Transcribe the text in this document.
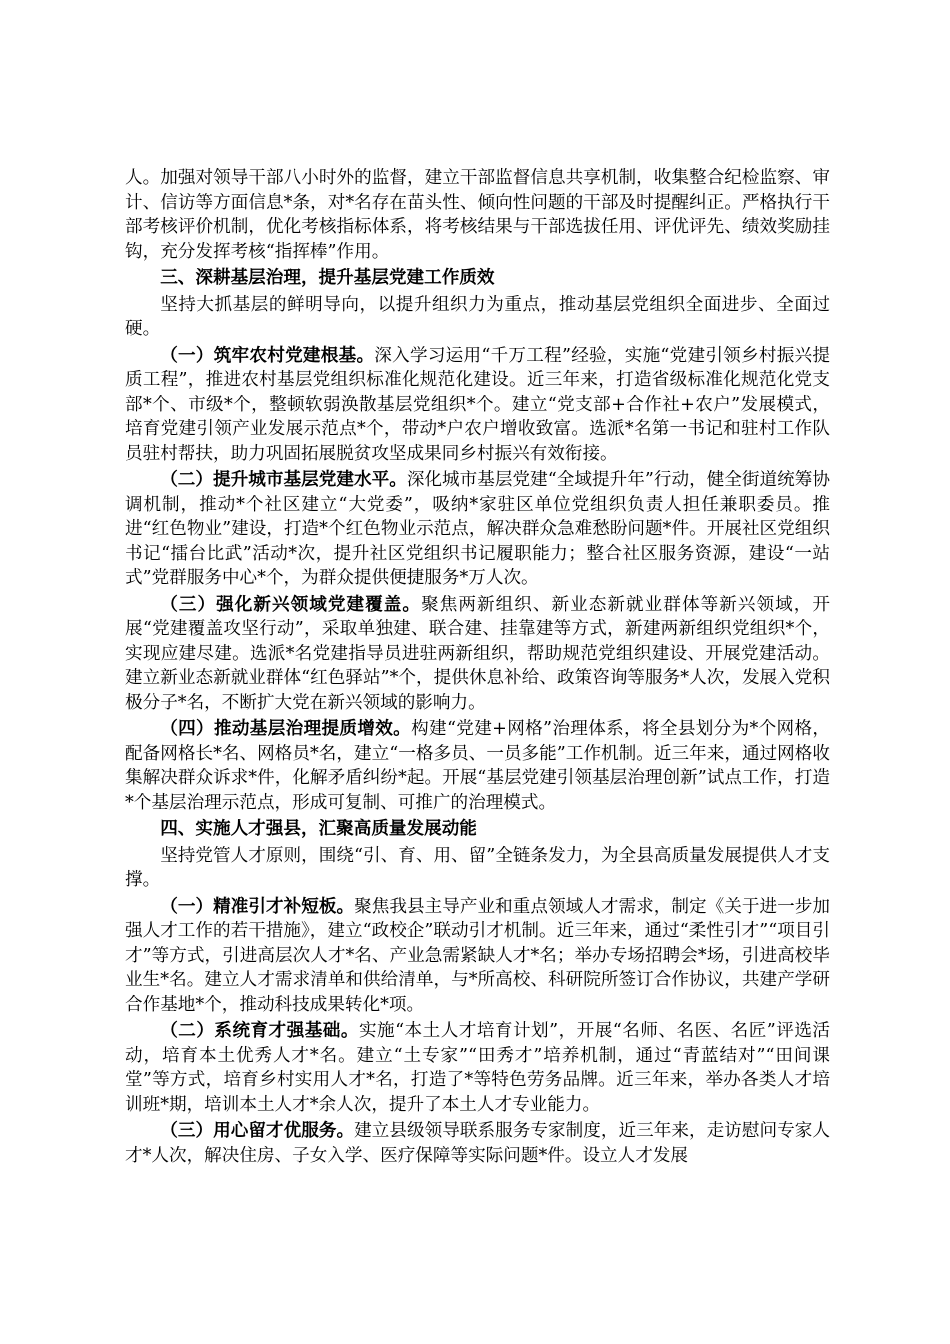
人。加强对领导干部八小时外的监督，建立干部监督信息共享机制，收集整合纪检监察、审计、信访等方面信息*条，对*名存在苗头性、倾向性问题的干部及时提醒纠正。严格执行干部考核评价机制，优化考核指标体系，将考核结果与干部选拔任用、评优评先、绩效奖励挂钩，充分发挥考核“指挥棒”作用。

三、深耕基层治理，提升基层党建工作质效

坚持大抓基层的鲜明导向，以提升组织力为重点，推动基层党组织全面进步、全面过硬。

（一）筑牢农村党建根基。深入学习运用“千万工程”经验，实施“党建引领乡村振兴提质工程”，推进农村基层党组织标准化规范化建设。近三年来，打造省级标准化规范化党支部*个、市级*个，整顿软弱涣散基层党组织*个。建立“党支部+合作社+农户”发展模式，培育党建引领产业发展示范点*个，带动*户农户增收致富。选派*名第一书记和驻村工作队员驻村帮扶，助力巩固拓展脱贫攻坚成果同乡村振兴有效衔接。

（二）提升城市基层党建水平。深化城市基层党建“全域提升年”行动，健全街道统筹协调机制，推动*个社区建立“大党委”，吸纳*家驻区单位党组织负责人担任兼职委员。推进“红色物业”建设，打造*个红色物业示范点，解决群众急难愁盼问题*件。开展社区党组织书记“擂台比武”活动*次，提升社区党组织书记履职能力；整合社区服务资源，建设“一站式”党群服务中心*个，为群众提供便捷服务*万人次。

（三）强化新兴领域党建覆盖。聚焦两新组织、新业态新就业群体等新兴领域，开展“党建覆盖攻坚行动”，采取单独建、联合建、挂靠建等方式，新建两新组织党组织*个，实现应建尽建。选派*名党建指导员进驻两新组织，帮助规范党组织建设、开展党建活动。建立新业态新就业群体“红色驿站”*个，提供休息补给、政策咨询等服务*人次，发展入党积极分子*名，不断扩大党在新兴领域的影响力。

（四）推动基层治理提质增效。构建“党建+网格”治理体系，将全县划分为*个网格，配备网格长*名、网格员*名，建立“一格多员、一员多能”工作机制。近三年来，通过网格收集解决群众诉求*件，化解矛盾纠纷*起。开展“基层党建引领基层治理创新”试点工作，打造*个基层治理示范点，形成可复制、可推广的治理模式。

四、实施人才强县，汇聚高质量发展动能

坚持党管人才原则，围绕“引、育、用、留”全链条发力，为全县高质量发展提供人才支撑。

（一）精准引才补短板。聚焦我县主导产业和重点领域人才需求，制定《关于进一步加强人才工作的若干措施》，建立“政校企”联动引才机制。近三年来，通过“柔性引才”“项目引才”等方式，引进高层次人才*名、产业急需紧缺人才*名；举办专场招聘会*场，引进高校毕业生*名。建立人才需求清单和供给清单，与*所高校、科研院所签订合作协议，共建产学研合作基地*个，推动科技成果转化*项。

（二）系统育才强基础。实施“本土人才培育计划”，开展“名师、名医、名匠”评选活动，培育本土优秀人才*名。建立“土专家”“田秀才”培养机制，通过“青蓝结对”“田间课堂”等方式，培育乡村实用人才*名，打造了*等特色劳务品牌。近三年来，举办各类人才培训班*期，培训本土人才*余人次，提升了本土人才专业能力。

（三）用心留才优服务。建立县级领导联系服务专家制度，近三年来，走访慰问专家人才*人次，解决住房、子女入学、医疗保障等实际问题*件。设立人才发展
